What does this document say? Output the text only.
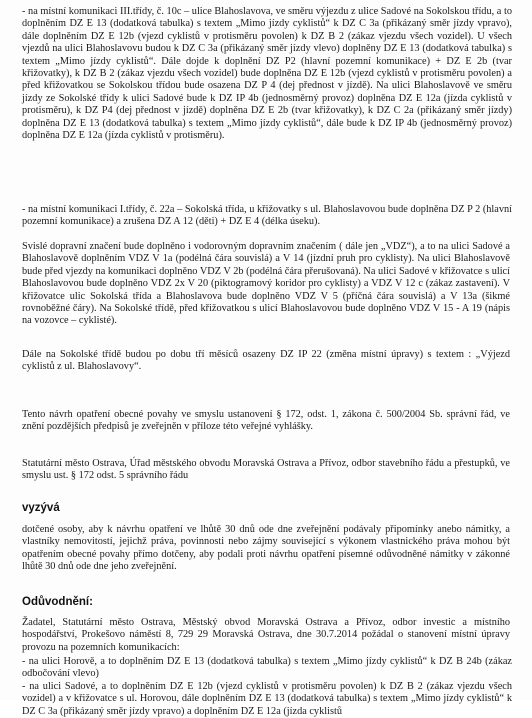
- na místní komunikaci III.třídy, č. 10c – ulice Blahoslavova, ve směru výjezdu z ulice Sadové na Sokolskou třídu, a to doplněním DZ E 13 (dodatková tabulka) s textem „Mimo jízdy cyklistů“ k DZ C 3a (přikázaný směr jízdy vpravo), dále doplněním DZ E 12b (vjezd cyklistů v protisměru povolen) k DZ B 2 (zákaz vjezdu všech vozidel). U všech vjezdů na ulici Blahoslavovu budou k DZ C 3a (přikázaný směr jízdy vlevo) doplněny DZ E 13 (dodatková tabulka) s textem „Mimo jízdy cyklistů“. Dále dojde k doplnění DZ P2 (hlavní pozemní komunikace) + DZ E 2b (tvar křižovatky), k DZ B 2 (zákaz vjezdu všech vozidel) bude doplněna DZ E 12b (vjezd cyklistů v protisměru povolen) a před křižovatkou se Sokolskou třídou bude osazena DZ P 4 (dej přednost v jízdě). Na ulici Blahoslavově ve směru jízdy ze Sokolské třídy k ulici Sadové bude k DZ IP 4b (jednosměrný provoz) doplněna DZ E 12a (jízda cyklistů v protisměru), k DZ P4 (dej přednost v jízdě) doplněna DZ E 2b (tvar křižovatky), k DZ C 2a (přikázaný směr jízdy) doplněna DZ E 13 (dodatková tabulka) s textem „Mimo jízdy cyklistů“, dále bude k DZ IP 4b (jednosměrný provoz) doplněna DZ E 12a (jízda cyklistů v protisměru).

- na místní komunikaci I.třídy, č. 22a – Sokolská třída, u křižovatky s ul. Blahoslavovou bude doplněna DZ P 2 (hlavní pozemní komunikace) a zrušena DZ A 12 (děti) + DZ E 4 (délka úseku).

Svislé dopravní značení bude doplněno i vodorovným dopravním značením ( dále jen „VDZ“), a to na ulici Sadové a Blahoslavově doplněním VDZ V 1a (podélná čára souvislá) a V 14 (jízdní pruh pro cyklisty). Na ulici Blahoslavově bude před vjezdy na komunikaci doplněno VDZ V 2b (podélná čára přerušovaná). Na ulici Sadové v křižovatce s ulicí Blahoslavovou bude doplněno VDZ 2x V 20 (piktogramový koridor pro cyklisty) a VDZ V 12 c (zákaz zastavení). V křižovatce ulic Sokolská třída a Blahoslavova bude doplněno VDZ V 5 (příčná čára souvislá) a V 13a (šikmé rovnoběžné čáry). Na Sokolské třídě, před křižovatkou s ulicí Blahoslavovou bude doplněno VDZ V 15 - A 19 (nápis na vozovce – cyklisté).

Dále na Sokolské třídě budou po dobu tří měsíců osazeny DZ IP 22 (změna místní úpravy) s textem : „Výjezd cyklistů z ul. Blahoslavovy“.

Tento návrh opatření obecné povahy ve smyslu ustanovení § 172, odst. 1, zákona č. 500/2004 Sb. správní řád, ve znění pozdějších předpisů je zveřejněn v příloze této veřejné vyhlášky.

Statutární město Ostrava, Úřad městského obvodu Moravská Ostrava a Přívoz, odbor stavebního řádu a přestupků, ve smyslu ust. § 172 odst. 5 správního řádu

vyzývá

dotčené osoby, aby k návrhu opatření ve lhůtě 30 dnů ode dne zveřejnění podávaly připomínky anebo námitky, a vlastníky nemovitostí, jejichž práva, povinnosti nebo zájmy související s výkonem vlastnického práva mohou být opatřením obecné povahy přímo dotčeny, aby podali proti návrhu opatření písemné odůvodněné námitky v zákonné lhůtě 30 dnů ode dne jeho zveřejnění.

Odůvodnění:

Žadatel, Statutární město Ostrava, Městský obvod Moravská Ostrava a Přívoz, odbor investic a místního hospodářství, Prokešovo náměstí 8, 729 29 Moravská Ostrava, dne 30.7.2014 požádal o stanovení místní úpravy provozu na pozemních komunikacích:

- na ulici Horově, a to doplněním DZ E 13 (dodatková tabulka) s textem „Mimo jízdy cyklistů“ k DZ B 24b (zákaz odbočování vlevo)

- na ulici Sadové, a to doplněním DZ E 12b (vjezd cyklistů v protisměru povolen) k DZ B 2 (zákaz vjezdu všech vozidel) a v křižovatce s ul. Horovou, dále doplněním DZ E 13 (dodatková tabulka) s textem „Mimo jízdy cyklistů“ k DZ C 3a (přikázaný směr jízdy vpravo) a doplněním DZ E 12a (jízda cyklistů
